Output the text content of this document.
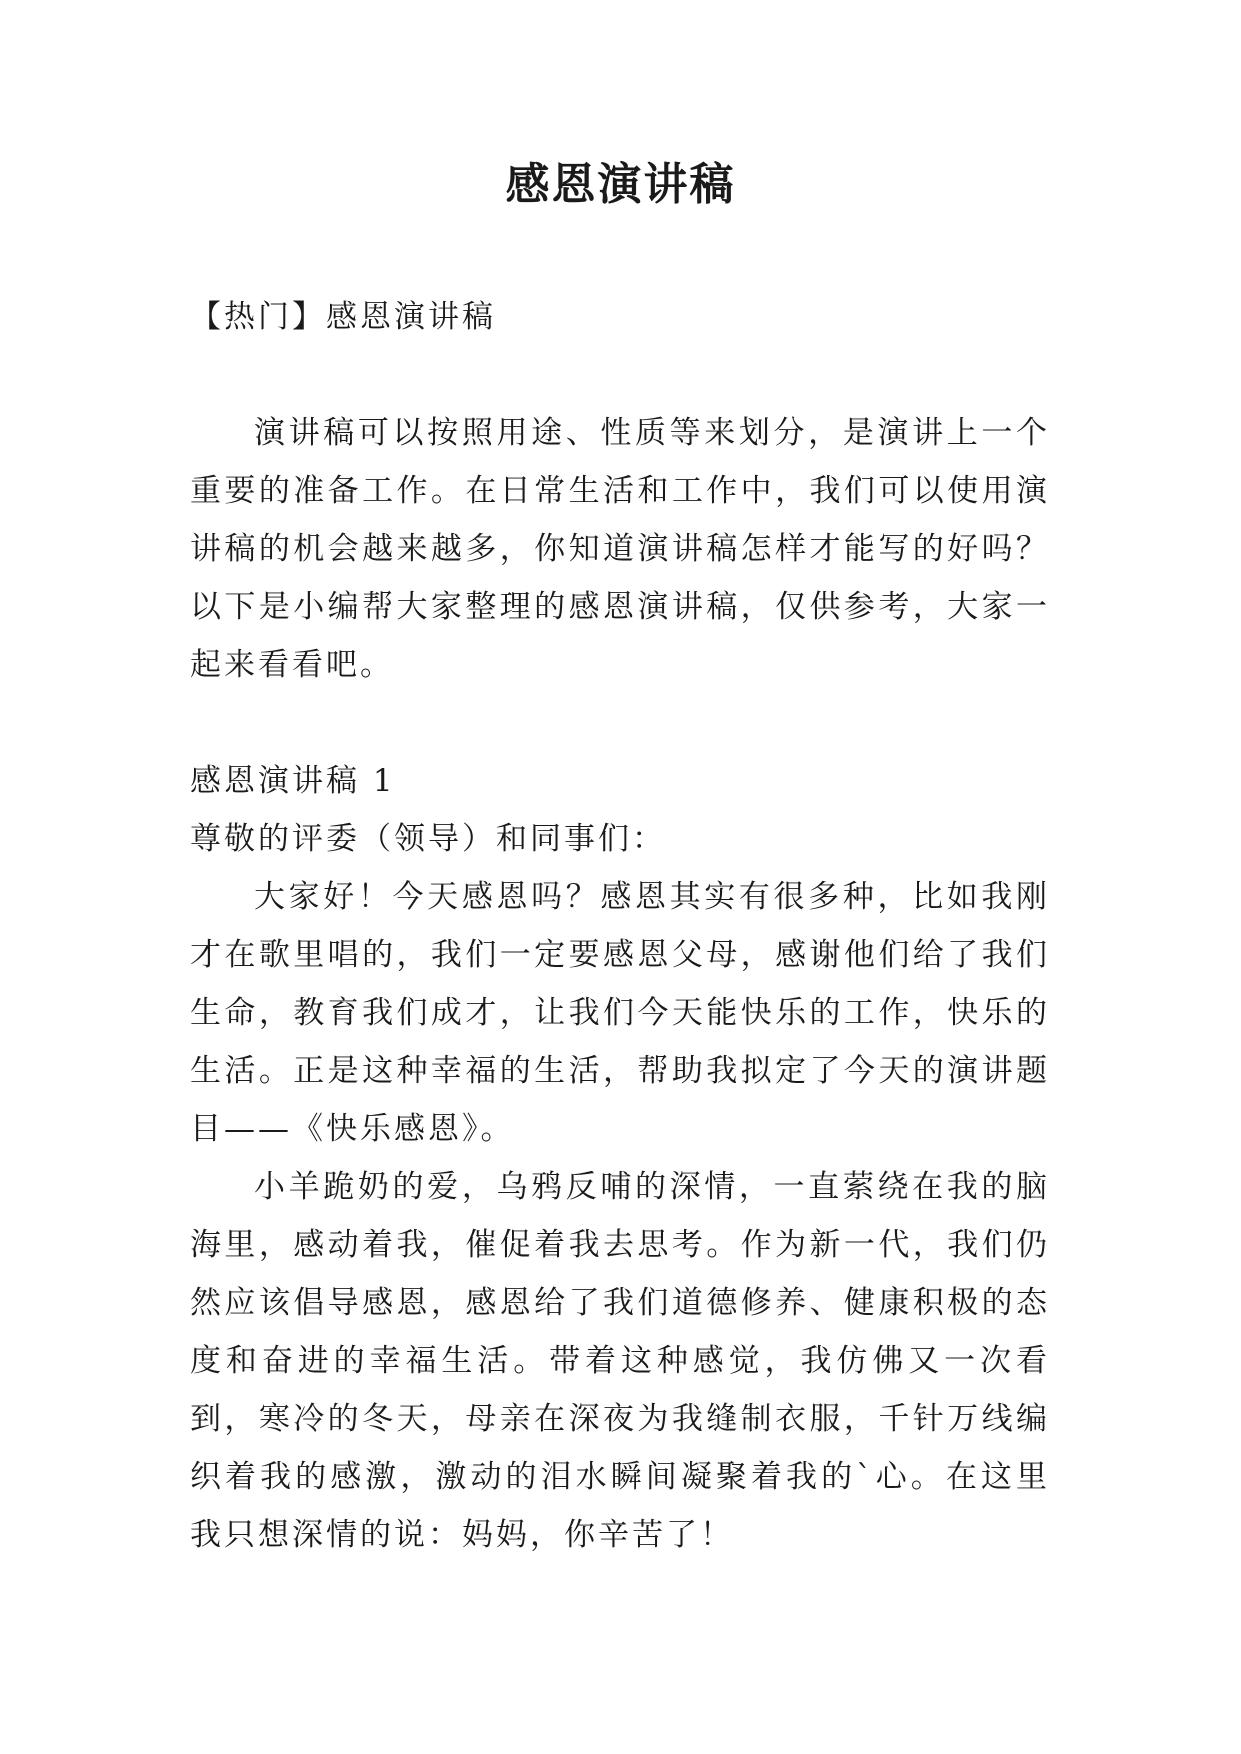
感恩演讲稿
【热门】感恩演讲稿
演讲稿可以按照用途、性质等来划分，是演讲上一个重要的准备工作。在日常生活和工作中，我们可以使用演讲稿的机会越来越多，你知道演讲稿怎样才能写的好吗？以下是小编帮大家整理的感恩演讲稿，仅供参考，大家一起来看看吧。
感恩演讲稿 1
尊敬的评委（领导）和同事们：
大家好！今天感恩吗？感恩其实有很多种，比如我刚才在歌里唱的，我们一定要感恩父母，感谢他们给了我们生命，教育我们成才，让我们今天能快乐的工作，快乐的生活。正是这种幸福的生活，帮助我拟定了今天的演讲题目——《快乐感恩》。
小羊跪奶的爱，乌鸦反哺的深情，一直萦绕在我的脑海里，感动着我，催促着我去思考。作为新一代，我们仍然应该倡导感恩，感恩给了我们道德修养、健康积极的态度和奋进的幸福生活。带着这种感觉，我仿佛又一次看到，寒冷的冬天，母亲在深夜为我缝制衣服，千针万线编织着我的感激，激动的泪水瞬间凝聚着我的`心。在这里我只想深情的说：妈妈，你辛苦了！
